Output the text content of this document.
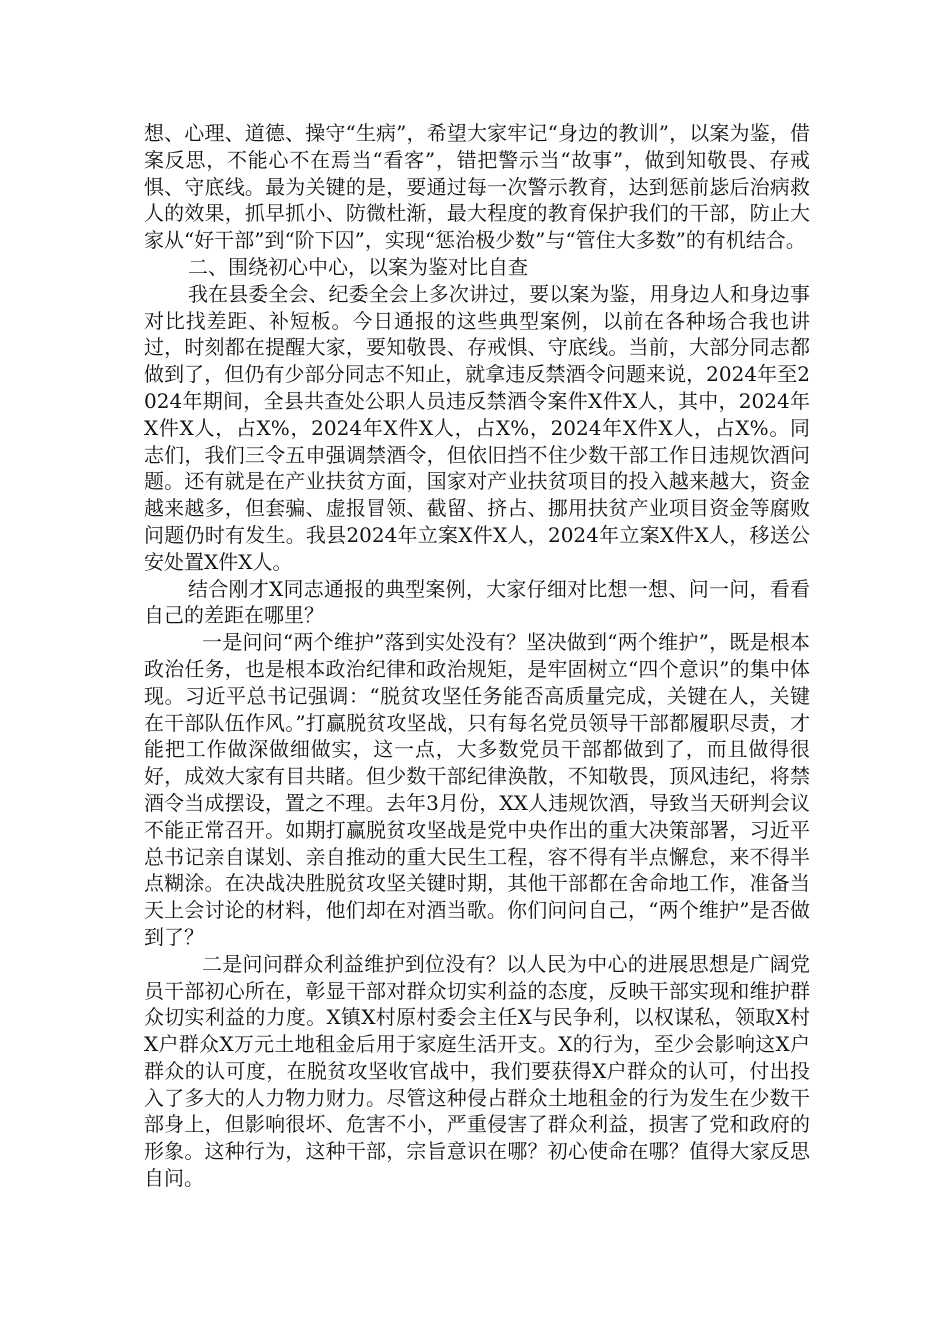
想、心理、道德、操守“生病”，希望大家牢记“身边的教训”，以案为鉴，借案反思，不能心不在焉当“看客”，错把警示当“故事”，做到知敬畏、存戒惧、守底线。最为关键的是，要通过每一次警示教育，达到惩前毖后治病救人的效果，抓早抓小、防微杜渐，最大程度的教育保护我们的干部，防止大家从“好干部”到“阶下囚”，实现“惩治极少数”与“管住大多数”的有机结合。

二、围绕初心中心，以案为鉴对比自查

我在县委全会、纪委全会上多次讲过，要以案为鉴，用身边人和身边事对比找差距、补短板。今日通报的这些典型案例，以前在各种场合我也讲过，时刻都在提醒大家，要知敬畏、存戒惧、守底线。当前，大部分同志都做到了，但仍有少部分同志不知止，就拿违反禁酒令问题来说，2024年至2024年期间，全县共查处公职人员违反禁酒令案件X件X人，其中，2024年X件X人，占X%，2024年X件X人，占X%，2024年X件X人，占X%。同志们，我们三令五申强调禁酒令，但依旧挡不住少数干部工作日违规饮酒问题。还有就是在产业扶贫方面，国家对产业扶贫项目的投入越来越大，资金越来越多，但套骗、虚报冒领、截留、挤占、挪用扶贫产业项目资金等腐败问题仍时有发生。我县2024年立案X件X人，2024年立案X件X人，移送公安处置X件X人。

结合刚才X同志通报的典型案例，大家仔细对比想一想、问一问，看看自己的差距在哪里？

一是问问“两个维护”落到实处没有？坚决做到“两个维护”，既是根本政治任务，也是根本政治纪律和政治规矩，是牢固树立“四个意识”的集中体现。习近平总书记强调：“脱贫攻坚任务能否高质量完成，关键在人，关键在干部队伍作风。”打赢脱贫攻坚战，只有每名党员领导干部都履职尽责，才能把工作做深做细做实，这一点，大多数党员干部都做到了，而且做得很好，成效大家有目共睹。但少数干部纪律涣散，不知敬畏，顶风违纪，将禁酒令当成摆设，置之不理。去年3月份，XX人违规饮酒，导致当天研判会议不能正常召开。如期打赢脱贫攻坚战是党中央作出的重大决策部署，习近平总书记亲自谋划、亲自推动的重大民生工程，容不得有半点懈怠，来不得半点糊涂。在决战决胜脱贫攻坚关键时期，其他干部都在舍命地工作，准备当天上会讨论的材料，他们却在对酒当歌。你们问问自己，“两个维护”是否做到了？

二是问问群众利益维护到位没有？以人民为中心的进展思想是广阔党员干部初心所在，彰显干部对群众切实利益的态度，反映干部实现和维护群众切实利益的力度。X镇X村原村委会主任X与民争利，以权谋私，领取X村X户群众X万元土地租金后用于家庭生活开支。X的行为，至少会影响这X户群众的认可度，在脱贫攻坚收官战中，我们要获得X户群众的认可，付出投入了多大的人力物力财力。尽管这种侵占群众土地租金的行为发生在少数干部身上，但影响很坏、危害不小，严重侵害了群众利益，损害了党和政府的形象。这种行为，这种干部，宗旨意识在哪？初心使命在哪？值得大家反思自问。
